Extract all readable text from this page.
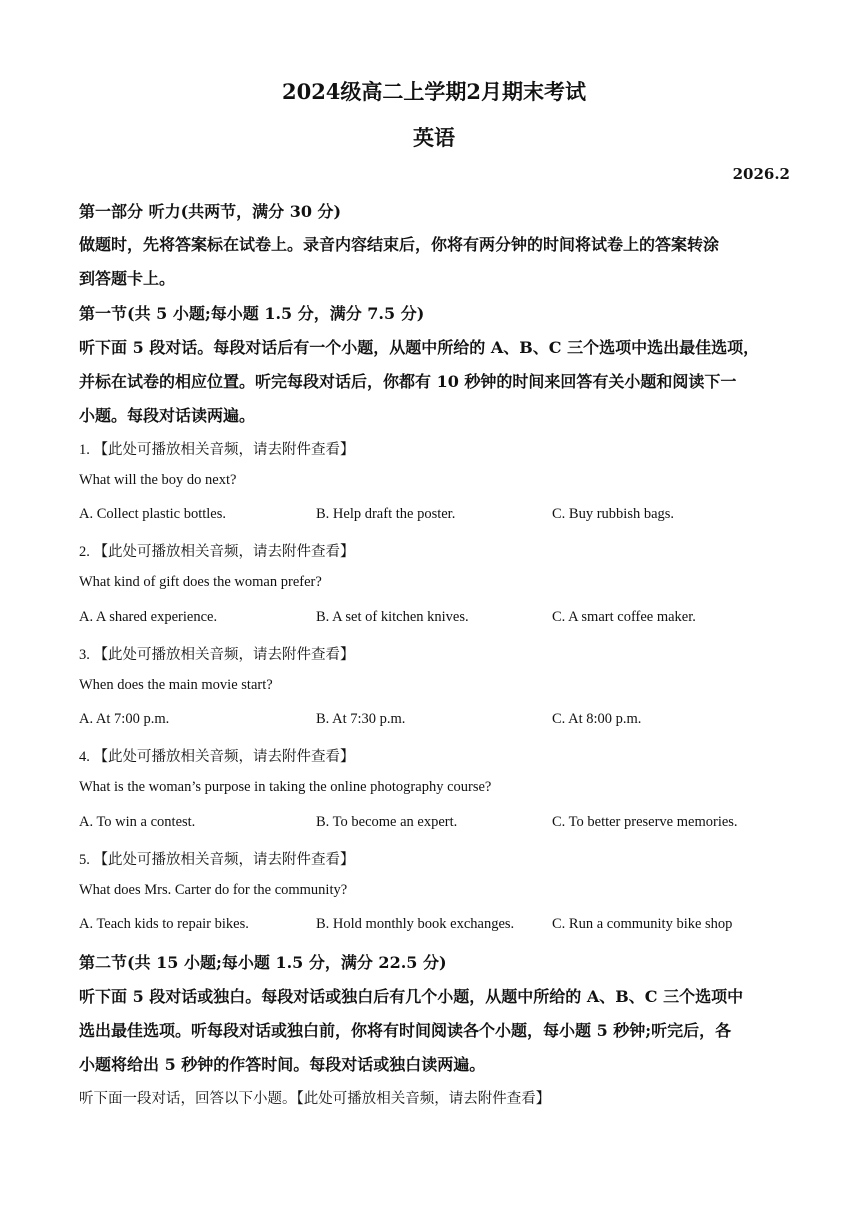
2024级高二上学期2月期末考试
英语
2026.2
第一部分 听力(共两节，满分 30 分)
做题时，先将答案标在试卷上。录音内容结束后，你将有两分钟的时间将试卷上的答案转涂
到答题卡上。
第一节(共 5 小题;每小题 1.5 分，满分 7.5 分)
听下面 5 段对话。每段对话后有一个小题，从题中所给的 A、B、C 三个选项中选出最佳选项，
并标在试卷的相应位置。听完每段对话后，你都有 10 秒钟的时间来回答有关小题和阅读下一
小题。每段对话读两遍。
1. 【此处可播放相关音频，请去附件查看】
What will the boy do next?
A. Collect plastic bottles.	B. Help draft the poster.	C. Buy rubbish bags.
2. 【此处可播放相关音频，请去附件查看】
What kind of gift does the woman prefer?
A. A shared experience.	B. A set of kitchen knives.	C. A smart coffee maker.
3. 【此处可播放相关音频，请去附件查看】
When does the main movie start?
A. At 7:00 p.m.	B. At 7:30 p.m.	C. At 8:00 p.m.
4. 【此处可播放相关音频，请去附件查看】
What is the woman’s purpose in taking the online photography course?
A. To win a contest.	B. To become an expert.	C. To better preserve memories.
5. 【此处可播放相关音频，请去附件查看】
What does Mrs. Carter do for the community?
A. Teach kids to repair bikes.	B. Hold monthly book exchanges.	C. Run a community bike shop
第二节(共 15 小题;每小题 1.5 分，满分 22.5 分)
听下面 5 段对话或独白。每段对话或独白后有几个小题，从题中所给的 A、B、C 三个选项中
选出最佳选项。听每段对话或独白前，你将有时间阅读各个小题，每小题 5 秒钟;听完后，各
小题将给出 5 秒钟的作答时间。每段对话或独白读两遍。
听下面一段对话，回答以下小题。【此处可播放相关音频，请去附件查看】
